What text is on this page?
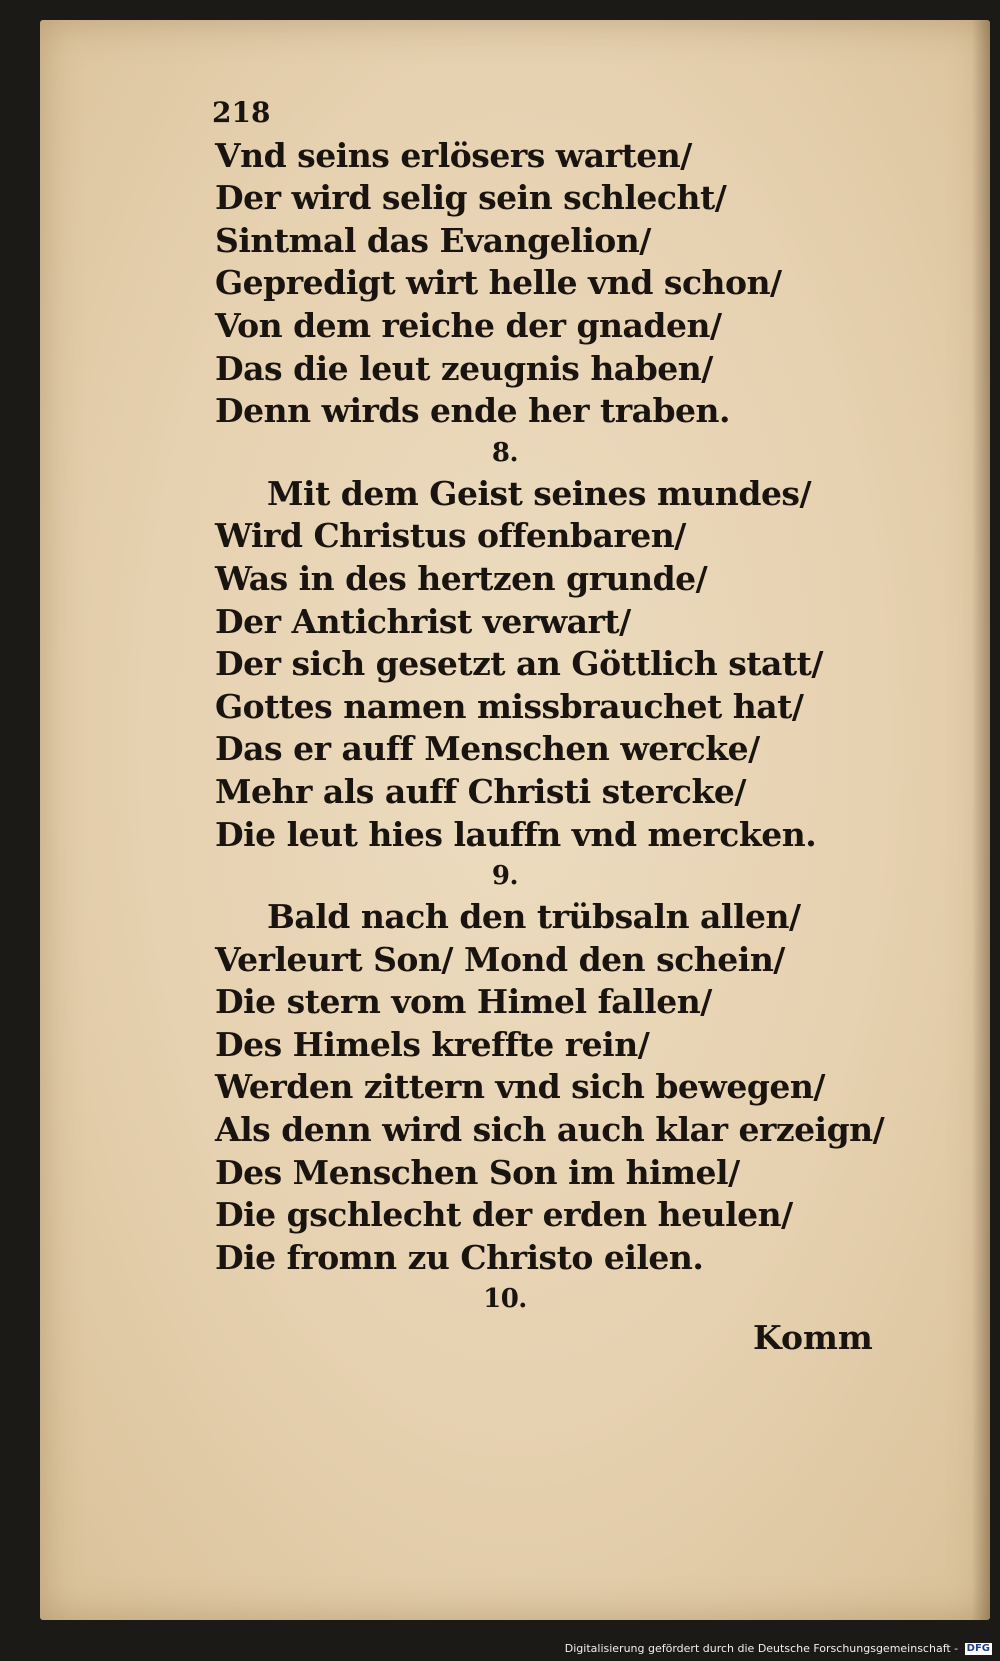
218
Vnd seins erlösers warten/
Der wird selig sein schlecht/
Sintmal das Evangelion/
Gepredigt wirt helle vnd schon/
Von dem reiche der gnaden/
Das die leut zeugnis haben/
Denn wirds ende her traben.
8.
Mit dem Geist seines mundes/
Wird Christus offenbaren/
Was in des hertzen grunde/
Der Antichrist verwart/
Der sich gesetzt an Göttlich statt/
Gottes namen missbrauchet hat/
Das er auff Menschen wercke/
Mehr als auff Christi stercke/
Die leut hies lauffn vnd mercken.
9.
Bald nach den trübsaln allen/
Verleurt Son/ Mond den schein/
Die stern vom Himel fallen/
Des Himels kreffte rein/
Werden zittern vnd sich bewegen/
Als denn wird sich auch klar erzeign/
Des Menschen Son im himel/
Die gschlecht der erden heulen/
Die fromn zu Christo eilen.
10.
Komm
Digitalisierung gefördert durch die Deutsche Forschungsgemeinschaft - DFG
